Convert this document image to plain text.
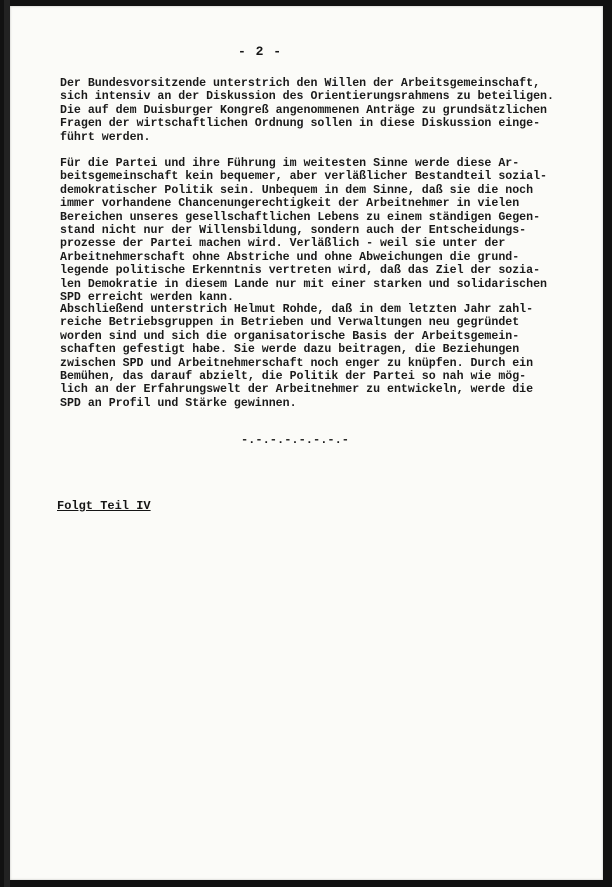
- 2 -

Der Bundesvorsitzende unterstrich den Willen der Arbeitsgemeinschaft,
sich intensiv an der Diskussion des Orientierungsrahmens zu beteiligen.
Die auf dem Duisburger Kongreß angenommenen Anträge zu grundsätzlichen
Fragen der wirtschaftlichen Ordnung sollen in diese Diskussion einge-
führt werden.

Für die Partei und ihre Führung im weitesten Sinne werde diese Ar-
beitsgemeinschaft kein bequemer, aber verläßlicher Bestandteil sozial-
demokratischer Politik sein. Unbequem in dem Sinne, daß sie die noch
immer vorhandene Chancenungerechtigkeit der Arbeitnehmer in vielen
Bereichen unseres gesellschaftlichen Lebens zu einem ständigen Gegen-
stand nicht nur der Willensbildung, sondern auch der Entscheidungs-
prozesse der Partei machen wird. Verläßlich - weil sie unter der
Arbeitnehmerschaft ohne Abstriche und ohne Abweichungen die grund-
legende politische Erkenntnis vertreten wird, daß das Ziel der sozia-
len Demokratie in diesem Lande nur mit einer starken und solidarischen
SPD erreicht werden kann.

Abschließend unterstrich Helmut Rohde, daß in dem letzten Jahr zahl-
reiche Betriebsgruppen in Betrieben und Verwaltungen neu gegründet
worden sind und sich die organisatorische Basis der Arbeitsgemein-
schaften gefestigt habe. Sie werde dazu beitragen, die Beziehungen
zwischen SPD und Arbeitnehmerschaft noch enger zu knüpfen. Durch ein
Bemühen, das darauf abzielt, die Politik der Partei so nah wie mög-
lich an der Erfahrungswelt der Arbeitnehmer zu entwickeln, werde die
SPD an Profil und Stärke gewinnen.

-.-.-.-.-.-.-.-
Folgt Teil IV
